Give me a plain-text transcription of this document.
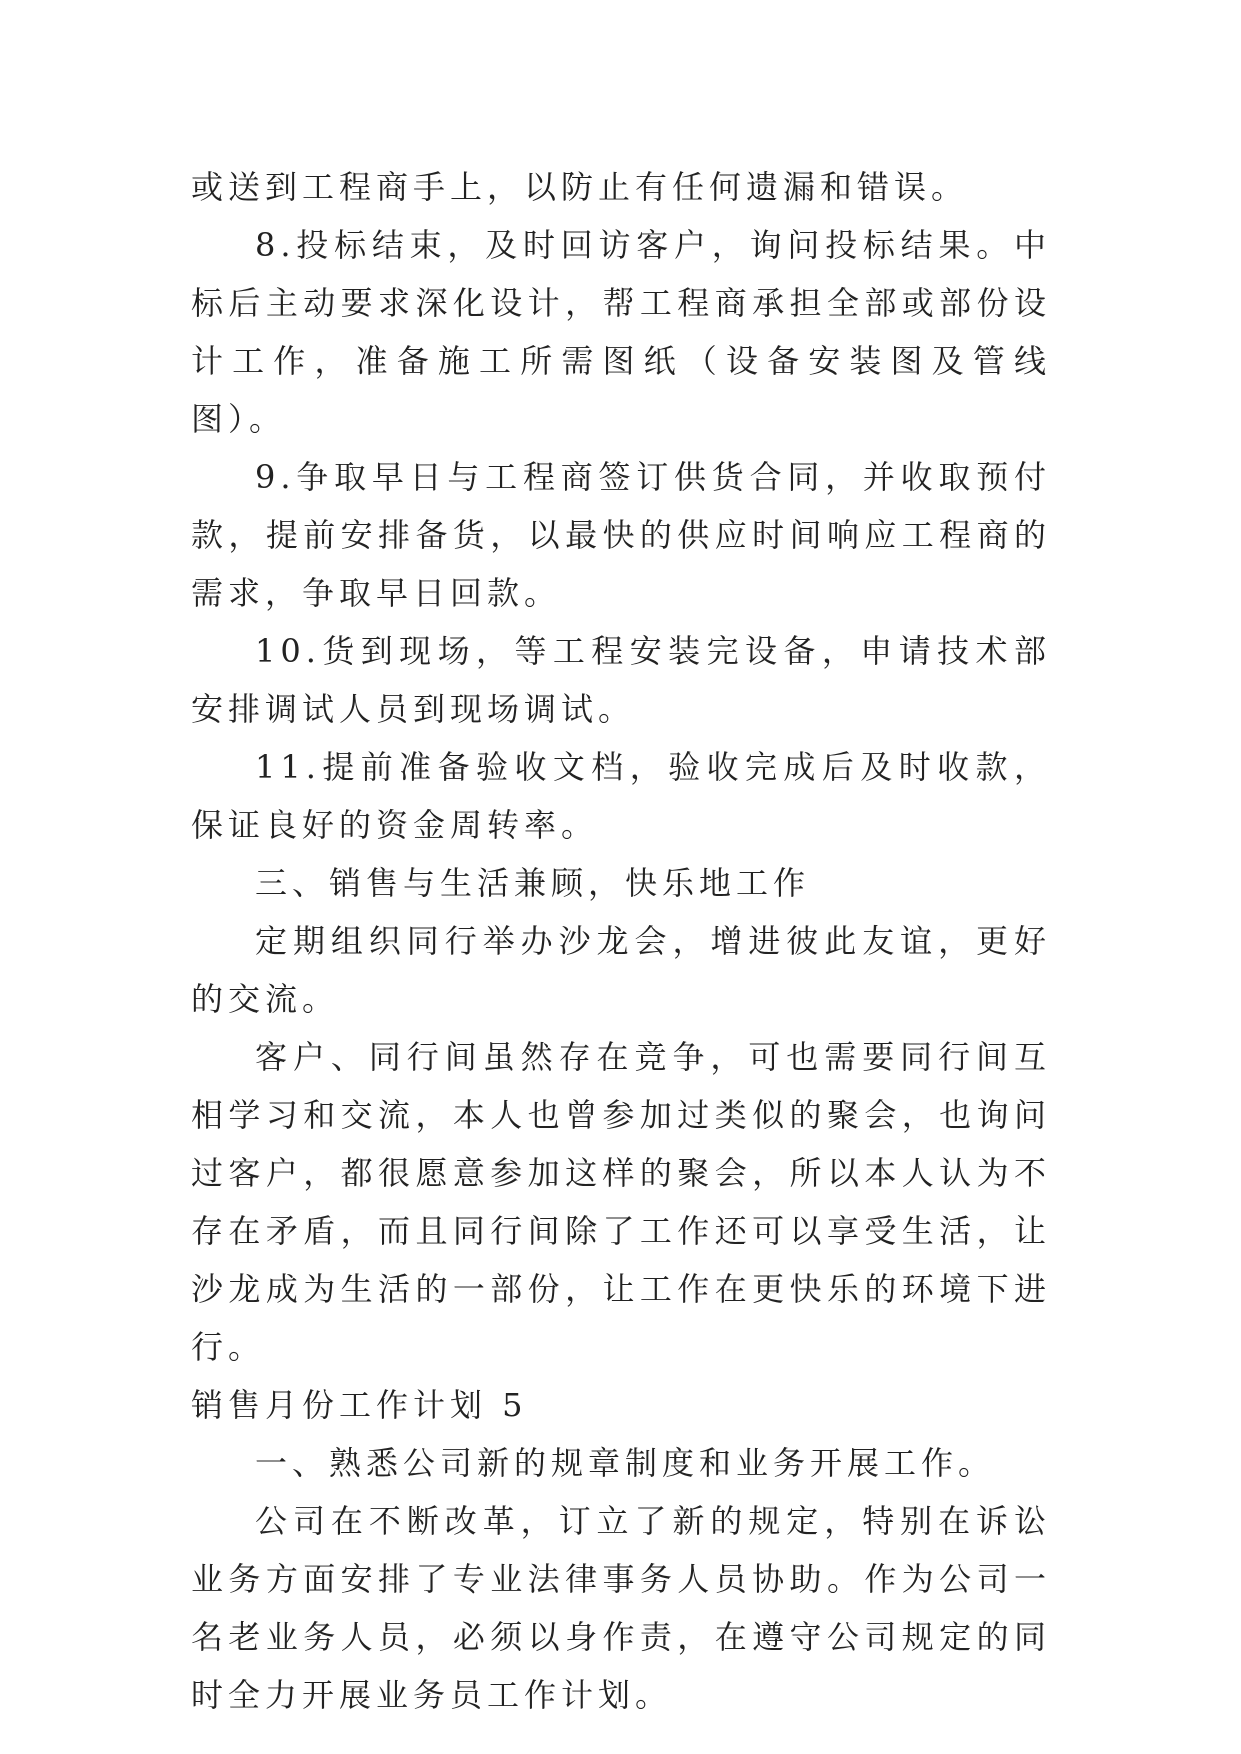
或送到工程商手上，以防止有任何遗漏和错误。

8.投标结束，及时回访客户，询问投标结果。中标后主动要求深化设计，帮工程商承担全部或部份设计工作，准备施工所需图纸（设备安装图及管线图）。

9.争取早日与工程商签订供货合同，并收取预付款，提前安排备货，以最快的供应时间响应工程商的需求，争取早日回款。

10.货到现场，等工程安装完设备，申请技术部安排调试人员到现场调试。

11.提前准备验收文档，验收完成后及时收款，保证良好的资金周转率。

三、销售与生活兼顾，快乐地工作

定期组织同行举办沙龙会，增进彼此友谊，更好的交流。

客户、同行间虽然存在竞争，可也需要同行间互相学习和交流，本人也曾参加过类似的聚会，也询问过客户，都很愿意参加这样的聚会，所以本人认为不存在矛盾，而且同行间除了工作还可以享受生活，让沙龙成为生活的一部份，让工作在更快乐的环境下进行。

销售月份工作计划 5

一、熟悉公司新的规章制度和业务开展工作。

公司在不断改革，订立了新的规定，特别在诉讼业务方面安排了专业法律事务人员协助。作为公司一名老业务人员，必须以身作责，在遵守公司规定的同时全力开展业务员工作计划。
